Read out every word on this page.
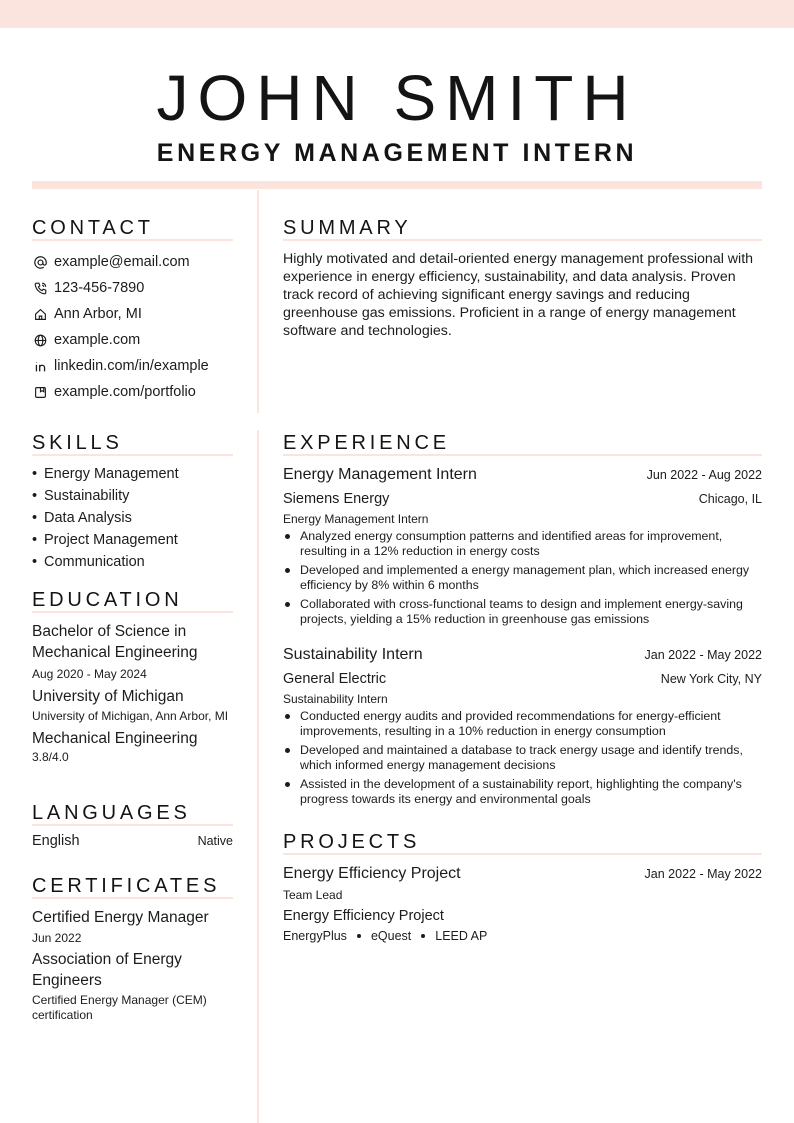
JOHN SMITH
ENERGY MANAGEMENT INTERN
CONTACT
example@email.com
123-456-7890
Ann Arbor, MI
example.com
linkedin.com/in/example
example.com/portfolio
SUMMARY
Highly motivated and detail-oriented energy management professional with experience in energy efficiency, sustainability, and data analysis. Proven track record of achieving significant energy savings and reducing greenhouse gas emissions. Proficient in a range of energy management software and technologies.
SKILLS
• Energy Management
• Sustainability
• Data Analysis
• Project Management
• Communication
EDUCATION
Bachelor of Science in Mechanical Engineering
Aug 2020 - May 2024
University of Michigan
University of Michigan, Ann Arbor, MI
Mechanical Engineering
3.8/4.0
LANGUAGES
English	Native
CERTIFICATES
Certified Energy Manager
Jun 2022
Association of Energy Engineers
Certified Energy Manager (CEM) certification
EXPERIENCE
Energy Management Intern	Jun 2022 - Aug 2022
Siemens Energy	Chicago, IL
Energy Management Intern
Analyzed energy consumption patterns and identified areas for improvement, resulting in a 12% reduction in energy costs
Developed and implemented a energy management plan, which increased energy efficiency by 8% within 6 months
Collaborated with cross-functional teams to design and implement energy-saving projects, yielding a 15% reduction in greenhouse gas emissions
Sustainability Intern	Jan 2022 - May 2022
General Electric	New York City, NY
Sustainability Intern
Conducted energy audits and provided recommendations for energy-efficient improvements, resulting in a 10% reduction in energy consumption
Developed and maintained a database to track energy usage and identify trends, which informed energy management decisions
Assisted in the development of a sustainability report, highlighting the company's progress towards its energy and environmental goals
PROJECTS
Energy Efficiency Project	Jan 2022 - May 2022
Team Lead
Energy Efficiency Project
EnergyPlus eQuest LEED AP
